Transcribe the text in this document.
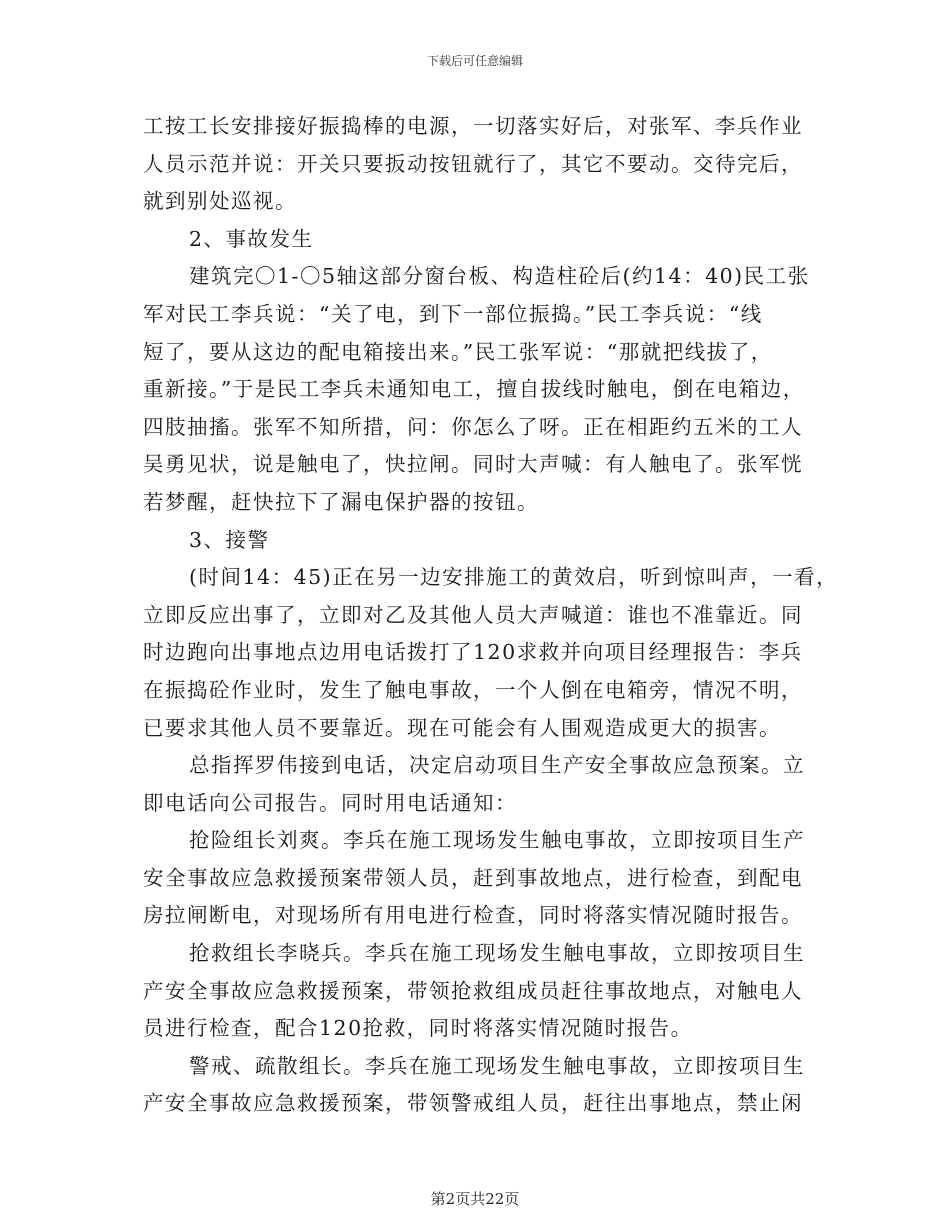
下载后可任意编辑
工按工长安排接好振捣棒的电源，一切落实好后，对张军、李兵作业
人员示范并说：开关只要扳动按钮就行了，其它不要动。交待完后，
就到别处巡视。
2、事故发生
建筑完〇1-〇5轴这部分窗台板、构造柱砼后(约14：40)民工张
军对民工李兵说：“关了电，到下一部位振捣。”民工李兵说：“线
短了，要从这边的配电箱接出来。”民工张军说：“那就把线拔了，
重新接。”于是民工李兵未通知电工，擅自拔线时触电，倒在电箱边，
四肢抽搐。张军不知所措，问：你怎么了呀。正在相距约五米的工人
吴勇见状，说是触电了，快拉闸。同时大声喊：有人触电了。张军恍
若梦醒，赶快拉下了漏电保护器的按钮。
3、接警
(时间14：45)正在另一边安排施工的黄效启，听到惊叫声，一看，
立即反应出事了，立即对乙及其他人员大声喊道：谁也不准靠近。同
时边跑向出事地点边用电话拨打了120求救并向项目经理报告：李兵
在振捣砼作业时，发生了触电事故，一个人倒在电箱旁，情况不明，
已要求其他人员不要靠近。现在可能会有人围观造成更大的损害。
总指挥罗伟接到电话，决定启动项目生产安全事故应急预案。立
即电话向公司报告。同时用电话通知：
抢险组长刘爽。李兵在施工现场发生触电事故，立即按项目生产
安全事故应急救援预案带领人员，赶到事故地点，进行检查，到配电
房拉闸断电，对现场所有用电进行检查，同时将落实情况随时报告。
抢救组长李晓兵。李兵在施工现场发生触电事故，立即按项目生
产安全事故应急救援预案，带领抢救组成员赶往事故地点，对触电人
员进行检查，配合120抢救，同时将落实情况随时报告。
警戒、疏散组长。李兵在施工现场发生触电事故，立即按项目生
产安全事故应急救援预案，带领警戒组人员，赶往出事地点，禁止闲
第2页共22页
